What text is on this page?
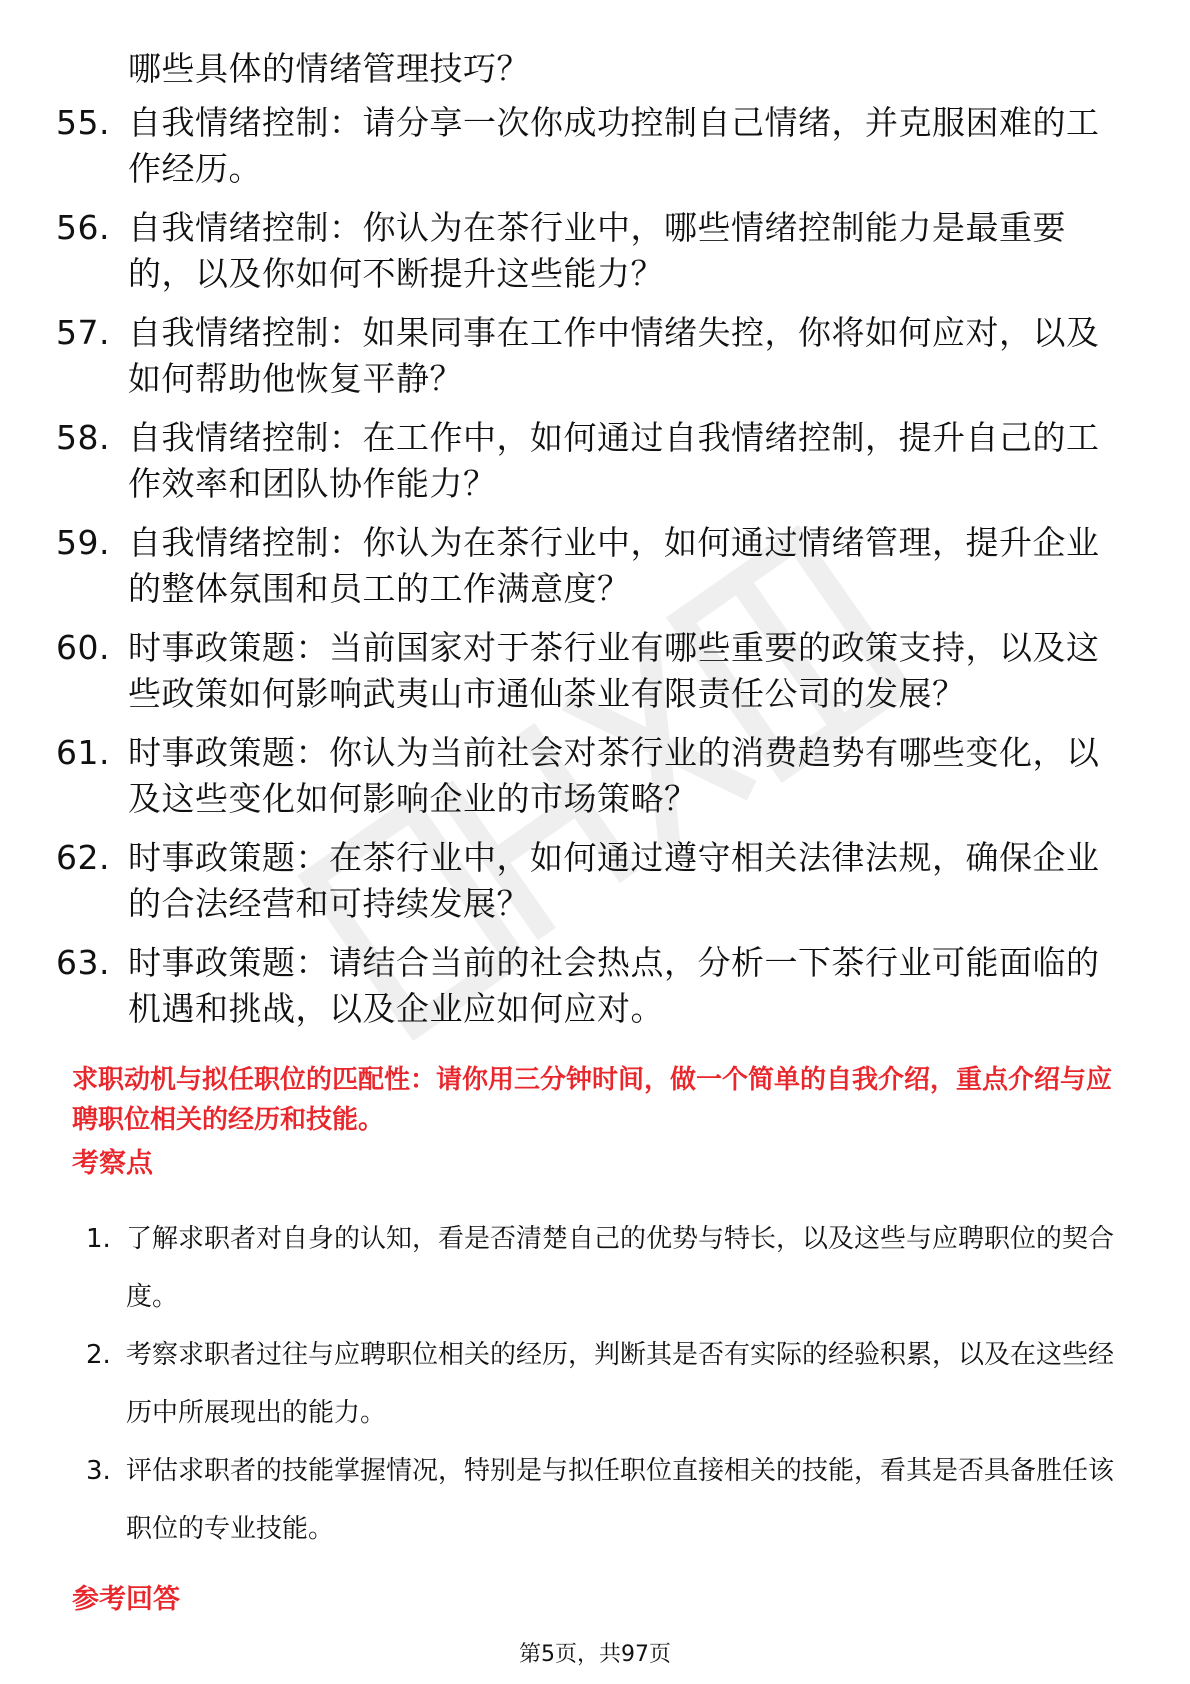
哪些具体的情绪管理技巧？
55. 自我情绪控制：请分享一次你成功控制自己情绪，并克服困难的工作经历。
56. 自我情绪控制：你认为在茶行业中，哪些情绪控制能力是最重要的，以及你如何不断提升这些能力？
57. 自我情绪控制：如果同事在工作中情绪失控，你将如何应对，以及如何帮助他恢复平静？
58. 自我情绪控制：在工作中，如何通过自我情绪控制，提升自己的工作效率和团队协作能力？
59. 自我情绪控制：你认为在茶行业中，如何通过情绪管理，提升企业的整体氛围和员工的工作满意度？
60. 时事政策题：当前国家对于茶行业有哪些重要的政策支持，以及这些政策如何影响武夷山市通仙茶业有限责任公司的发展？
61. 时事政策题：你认为当前社会对茶行业的消费趋势有哪些变化，以及这些变化如何影响企业的市场策略？
62. 时事政策题：在茶行业中，如何通过遵守相关法律法规，确保企业的合法经营和可持续发展？
63. 时事政策题：请结合当前的社会热点，分析一下茶行业可能面临的机遇和挑战，以及企业应如何应对。
求职动机与拟任职位的匹配性：请你用三分钟时间，做一个简单的自我介绍，重点介绍与应聘职位相关的经历和技能。
考察点
1. 了解求职者对自身的认知，看是否清楚自己的优势与特长，以及这些与应聘职位的契合度。
2. 考察求职者过往与应聘职位相关的经历，判断其是否有实际的经验积累，以及在这些经历中所展现出的能力。
3. 评估求职者的技能掌握情况，特别是与拟任职位直接相关的技能，看其是否具备胜任该职位的专业技能。
参考回答
第5页，共97页
